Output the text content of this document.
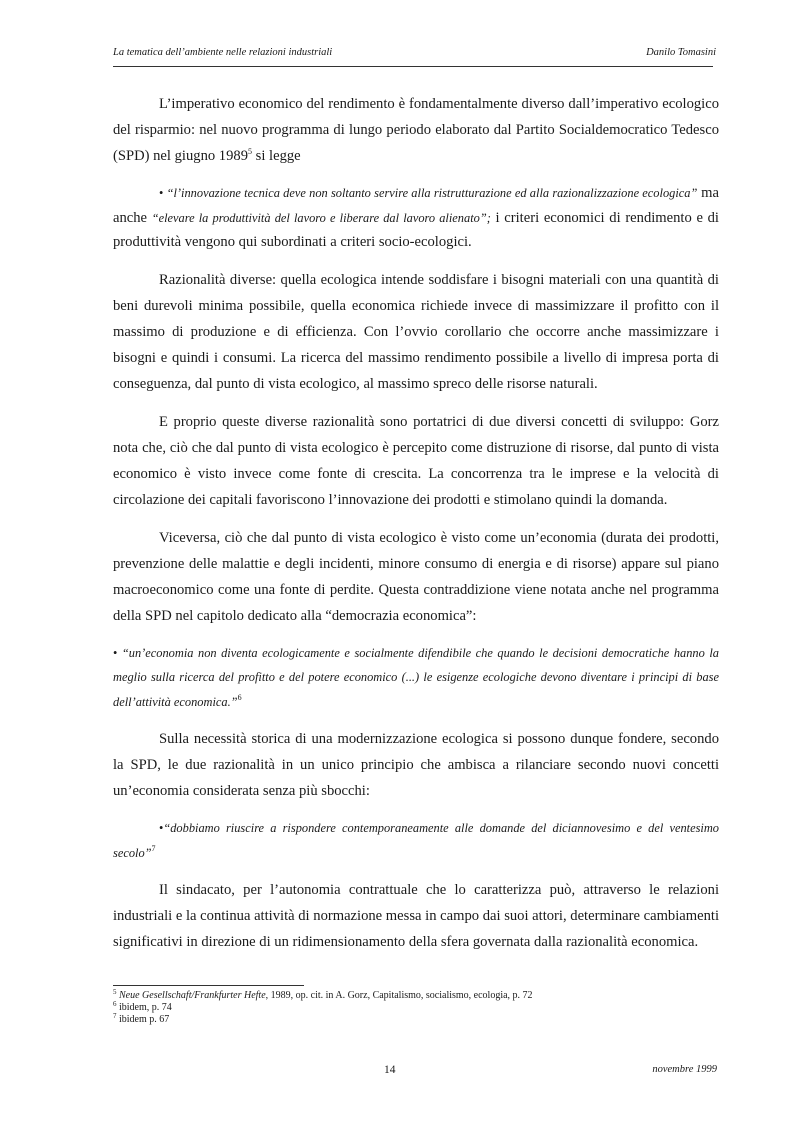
La tematica dell’ambiente nelle relazioni industriali	Danilo Tomasini

L’imperativo economico del rendimento è fondamentalmente diverso dall’imperativo ecologico del risparmio: nel nuovo programma di lungo periodo elaborato dal Partito Socialdemocratico Tedesco (SPD) nel giugno 1989$^5$ si legge

• “l’innovazione tecnica deve non soltanto servire alla ristrutturazione ed alla razionalizzazione ecologica” ma anche “elevare la produttività del lavoro e liberare dal lavoro alienato”; i criteri economici di rendimento e di produttività vengono qui subordinati a criteri socio-ecologici.

Razionalità diverse: quella ecologica intende soddisfare i bisogni materiali con una quantità di beni durevoli minima possibile, quella economica richiede invece di massimizzare il profitto con il massimo di produzione e di efficienza. Con l’ovvio corollario che occorre anche massimizzare i bisogni e quindi i consumi. La ricerca del massimo rendimento possibile a livello di impresa porta di conseguenza, dal punto di vista ecologico, al massimo spreco delle risorse naturali.

E proprio queste diverse razionalità sono portatrici di due diversi concetti di sviluppo: Gorz nota che, ciò che dal punto di vista ecologico è percepito come distruzione di risorse, dal punto di vista economico è visto invece come fonte di crescita. La concorrenza tra le imprese e la velocità di circolazione dei capitali favoriscono l’innovazione dei prodotti e stimolano quindi la domanda.

Viceversa, ciò che dal punto di vista ecologico è visto come un’economia (durata dei prodotti, prevenzione delle malattie e degli incidenti, minore consumo di energia e di risorse) appare sul piano macroeconomico come una fonte di perdite. Questa contraddizione viene notata anche nel programma della SPD nel capitolo dedicato alla “democrazia economica”:

• “un’economia non diventa ecologicamente e socialmente difendibile che quando le decisioni democratiche hanno la meglio sulla ricerca del profitto e del potere economico (...) le esigenze ecologiche devono diventare i principi di base dell’attività economica.”$^6$

Sulla necessità storica di una modernizzazione ecologica si possono dunque fondere, secondo la SPD, le due razionalità in un unico principio che ambisca a rilanciare secondo nuovi concetti un’economia considerata senza più sbocchi:

•“dobbiamo riuscire a rispondere contemporaneamente alle domande del diciannovesimo e del ventesimo secolo”$^7$

Il sindacato, per l’autonomia contrattuale che lo caratterizza può, attraverso le relazioni industriali e la continua attività di normazione messa in campo dai suoi attori, determinare cambiamenti significativi in direzione di un ridimensionamento della sfera governata dalla razionalità economica.

$^5$ Neue Gesellschaft/Frankfurter Hefte, 1989, op. cit. in A. Gorz, Capitalismo, socialismo, ecologia, p. 72
$^6$ ibidem, p. 74
$^7$ ibidem p. 67
14	novembre 1999
